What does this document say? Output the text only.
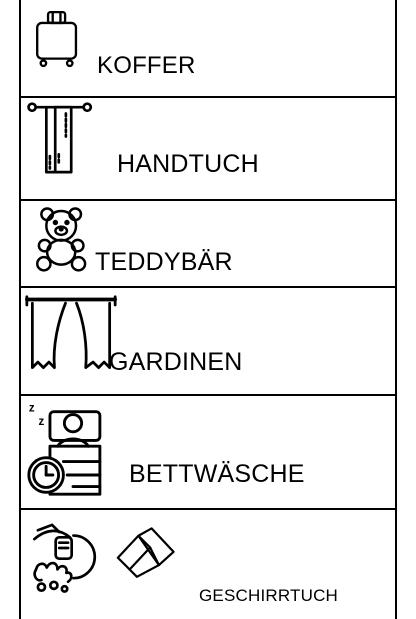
KOFFER
HANDTUCH
TEDDYBÄR
GARDINEN
z
z
BETTWÄSCHE
GESCHIRRTUCH
